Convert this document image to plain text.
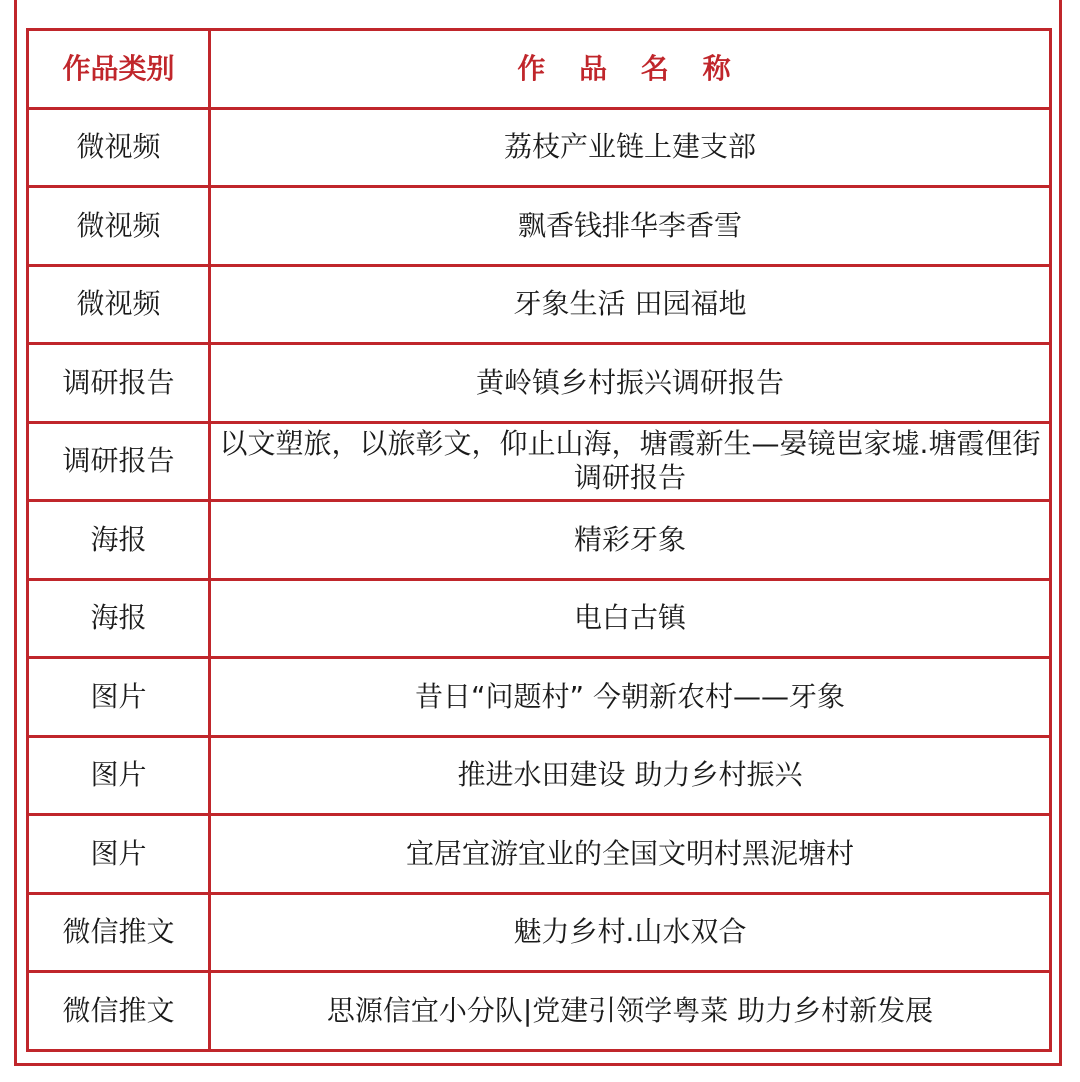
作品类别	作 品 名 称
微视频	荔枝产业链上建支部
微视频	飘香钱排华李香雪
微视频	牙象生活 田园福地
调研报告	黄岭镇乡村振兴调研报告
调研报告	以文塑旅，以旅彰文，仰止山海，塘霞新生—晏镜岜家墟.塘霞俚街调研报告
海报	精彩牙象
海报	电白古镇
图片	昔日“问题村” 今朝新农村——牙象
图片	推进水田建设 助力乡村振兴
图片	宜居宜游宜业的全国文明村黑泥塘村
微信推文	魅力乡村.山水双合
微信推文	思源信宜小分队|党建引领学粤菜 助力乡村新发展
